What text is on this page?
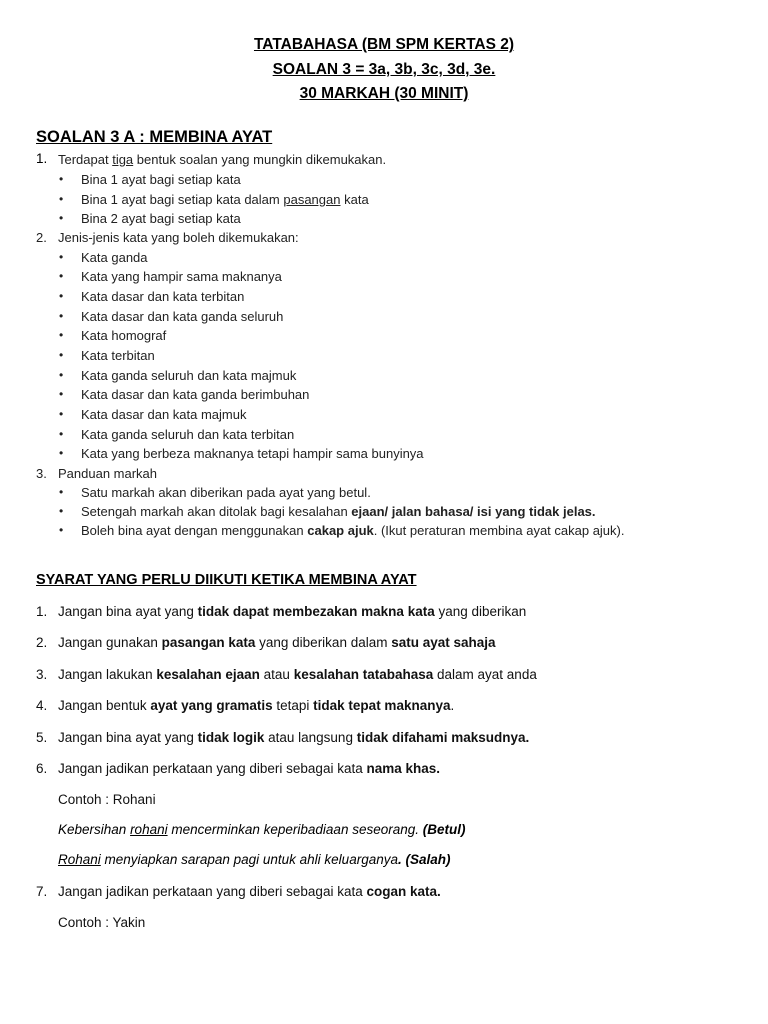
TATABAHASA (BM SPM KERTAS 2)
SOALAN 3 = 3a, 3b, 3c, 3d, 3e.
30 MARKAH (30 MINIT)
SOALAN 3 A : MEMBINA AYAT
1. Terdapat tiga bentuk soalan yang mungkin dikemukakan.
• Bina 1 ayat bagi setiap kata
• Bina 1 ayat bagi setiap kata dalam pasangan kata
• Bina 2 ayat bagi setiap kata
2. Jenis-jenis kata yang boleh dikemukakan:
• Kata ganda
• Kata yang hampir sama maknanya
• Kata dasar dan kata terbitan
• Kata dasar dan kata ganda seluruh
• Kata homograf
• Kata terbitan
• Kata ganda seluruh dan kata majmuk
• Kata dasar dan kata ganda berimbuhan
• Kata dasar dan kata majmuk
• Kata ganda seluruh dan kata terbitan
• Kata yang berbeza maknanya tetapi hampir sama bunyinya
3. Panduan markah
• Satu markah akan diberikan pada ayat yang betul.
• Setengah markah akan ditolak bagi kesalahan ejaan/ jalan bahasa/ isi yang tidak jelas.
• Boleh bina ayat dengan menggunakan cakap ajuk. (Ikut peraturan membina ayat cakap ajuk).
SYARAT YANG PERLU DIIKUTI KETIKA MEMBINA AYAT
1. Jangan bina ayat yang tidak dapat membezakan makna kata yang diberikan
2. Jangan gunakan pasangan kata yang diberikan dalam satu ayat sahaja
3. Jangan lakukan kesalahan ejaan atau kesalahan tatabahasa dalam ayat anda
4. Jangan bentuk ayat yang gramatis tetapi tidak tepat maknanya.
5. Jangan bina ayat yang tidak logik atau langsung tidak difahami maksudnya.
6. Jangan jadikan perkataan yang diberi sebagai kata nama khas.
Contoh : Rohani
Kebersihan rohani mencerminkan keperibadiaan seseorang. (Betul)
Rohani menyiapkan sarapan pagi untuk ahli keluarganya. (Salah)
7. Jangan jadikan perkataan yang diberi sebagai kata cogan kata.
Contoh : Yakin
